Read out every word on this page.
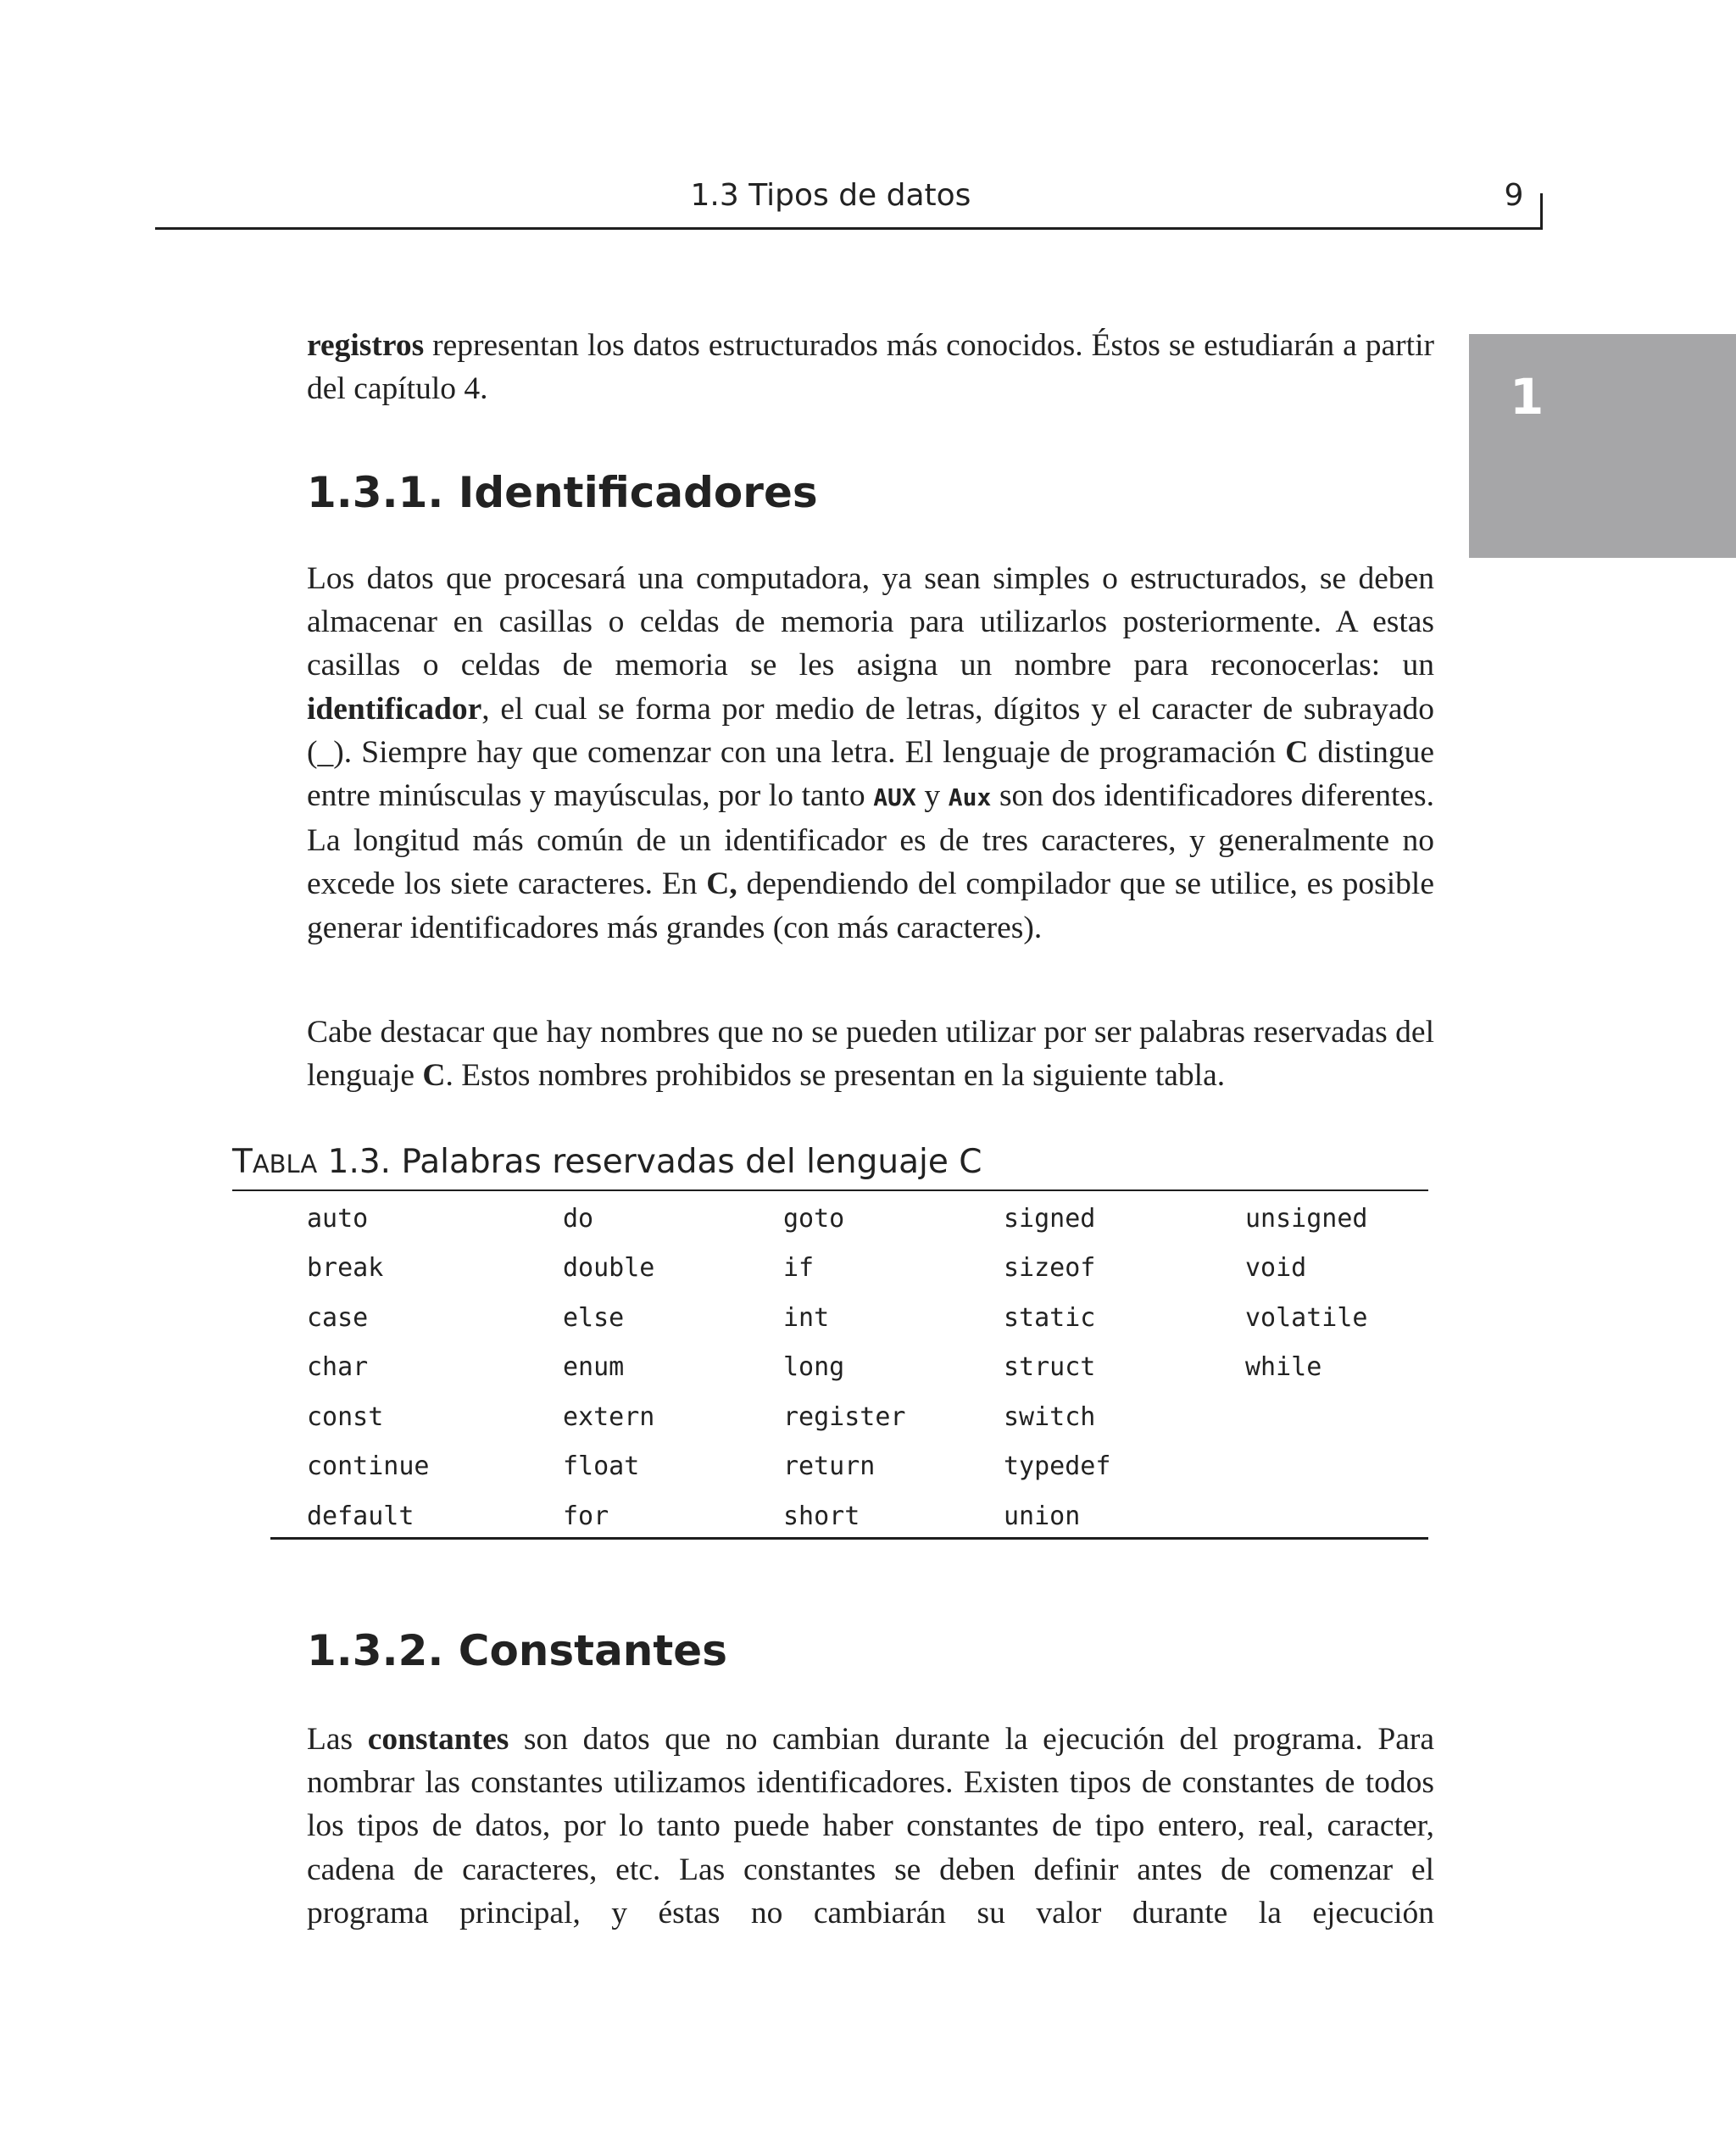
1.3 Tipos de datos	9
1

registros representan los datos estructurados más conocidos. Éstos se estudiarán a partir del capítulo 4.

1.3.1. Identificadores

Los datos que procesará una computadora, ya sean simples o estructurados, se deben almacenar en casillas o celdas de memoria para utilizarlos posteriormente. A estas casillas o celdas de memoria se les asigna un nombre para reconocerlas: un identificador, el cual se forma por medio de letras, dígitos y el caracter de subrayado (_). Siempre hay que comenzar con una letra. El lenguaje de programación C distingue entre minúsculas y mayúsculas, por lo tanto AUX y Aux son dos identificadores diferentes. La longitud más común de un identificador es de tres caracteres, y generalmente no excede los siete caracteres. En C, dependiendo del compilador que se utilice, es posible generar identificadores más grandes (con más caracteres).

Cabe destacar que hay nombres que no se pueden utilizar por ser palabras reservadas del lenguaje C. Estos nombres prohibidos se presentan en la siguiente tabla.

TABLA 1.3. Palabras reservadas del lenguaje C
auto	do	goto	signed	unsigned
break	double	if	sizeof	void
case	else	int	static	volatile
char	enum	long	struct	while
const	extern	register	switch	
continue	float	return	typedef	
default	for	short	union	
1.3.2. Constantes

Las constantes son datos que no cambian durante la ejecución del programa. Para nombrar las constantes utilizamos identificadores. Existen tipos de constantes de todos los tipos de datos, por lo tanto puede haber constantes de tipo entero, real, caracter, cadena de caracteres, etc. Las constantes se deben definir antes de comenzar el programa principal, y éstas no cambiarán su valor durante la ejecución
